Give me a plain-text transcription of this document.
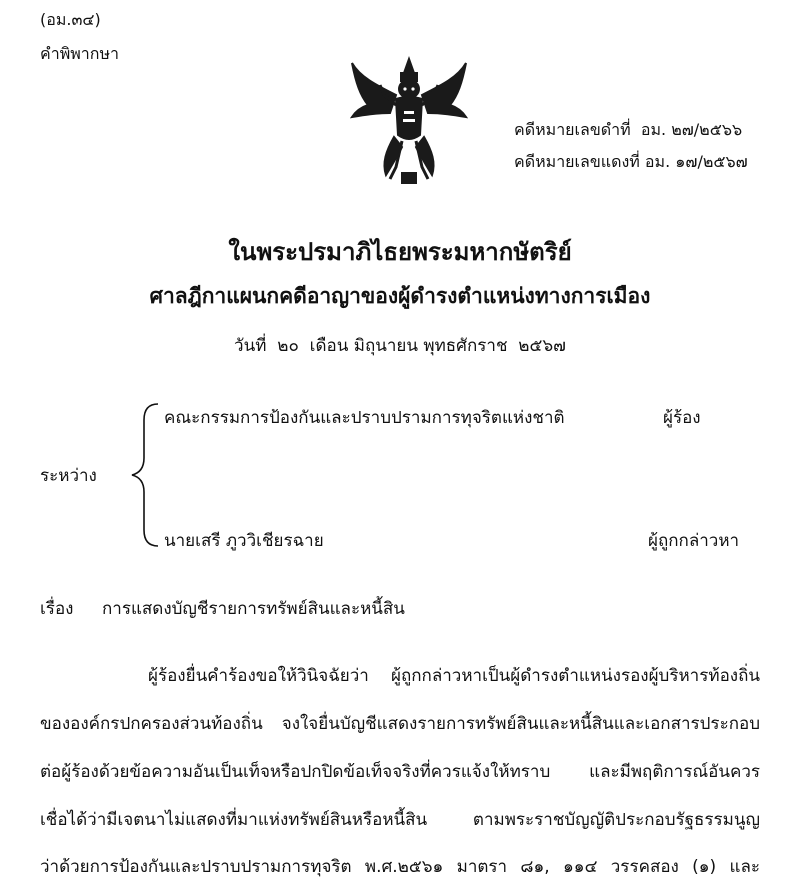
(อม.๓๔)
คำพิพากษา
คดีหมายเลขดำที่ อม. ๒๗/๒๕๖๖
คดีหมายเลขแดงที่ อม. ๑๗/๒๕๖๗
ในพระปรมาภิไธยพระมหากษัตริย์
ศาลฎีกาแผนกคดีอาญาของผู้ดำรงตำแหน่งทางการเมือง
วันที่ ๒๐ เดือน มิถุนายน พุทธศักราช ๒๕๖๗
ระหว่าง
คณะกรรมการป้องกันและปราบปรามการทุจริตแห่งชาติ	ผู้ร้อง
นายเสรี ภูววิเชียรฉาย	ผู้ถูกกล่าวหา
เรื่อง การแสดงบัญชีรายการทรัพย์สินและหนี้สิน
ผู้ร้องยื่นคำร้องขอให้วินิจฉัยว่า ผู้ถูกกล่าวหาเป็นผู้ดำรงตำแหน่งรองผู้บริหารท้องถิ่น
ขององค์กรปกครองส่วนท้องถิ่น จงใจยื่นบัญชีแสดงรายการทรัพย์สินและหนี้สินและเอกสารประกอบ
ต่อผู้ร้องด้วยข้อความอันเป็นเท็จหรือปกปิดข้อเท็จจริงที่ควรแจ้งให้ทราบ และมีพฤติการณ์อันควร
เชื่อได้ว่ามีเจตนาไม่แสดงที่มาแห่งทรัพย์สินหรือหนี้สิน ตามพระราชบัญญัติประกอบรัฐธรรมนูญ
ว่าด้วยการป้องกันและปราบปรามการทุจริต พ.ศ.๒๕๖๑ มาตรา ๘๑, ๑๑๔ วรรคสอง (๑) และ
